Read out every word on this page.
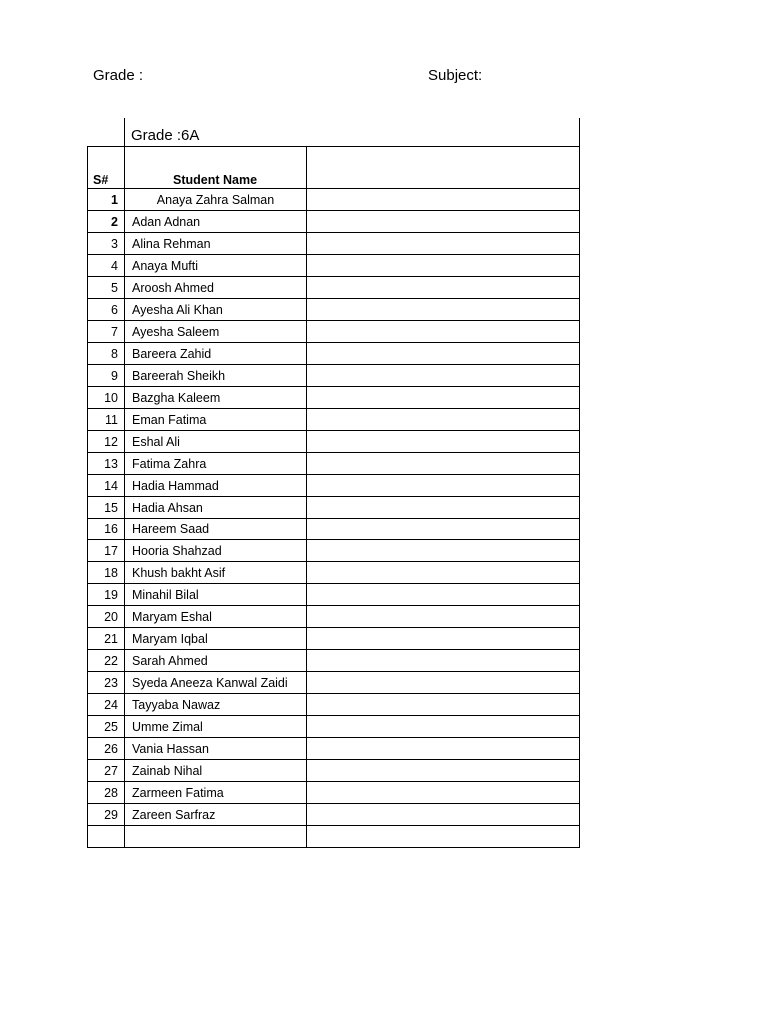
Grade :	Subject:
Grade :6A
S#	Student Name
1	Anaya Zahra Salman
2 Adan Adnan
3 Alina Rehman
4 Anaya Mufti
5 Aroosh Ahmed
6 Ayesha Ali Khan
7 Ayesha Saleem
8 Bareera Zahid
9 Bareerah Sheikh
10 Bazgha Kaleem
11 Eman Fatima
12 Eshal Ali
13 Fatima Zahra
14 Hadia Hammad
15 Hadia Ahsan
16 Hareem Saad
17 Hooria Shahzad
18 Khush bakht Asif
19 Minahil Bilal
20 Maryam Eshal
21 Maryam Iqbal
22 Sarah Ahmed
23 Syeda Aneeza Kanwal Zaidi
24 Tayyaba Nawaz
25 Umme Zimal
26 Vania Hassan
27 Zainab Nihal
28 Zarmeen Fatima
29 Zareen Sarfraz
